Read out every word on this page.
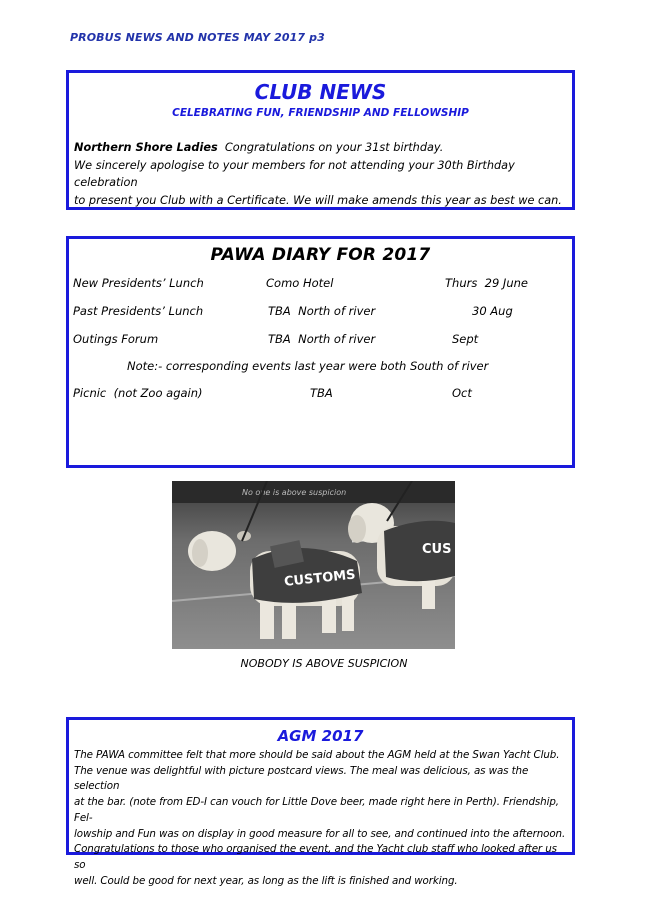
PROBUS NEWS AND NOTES MAY 2017 p3
CLUB NEWS
CELEBRATING FUN, FRIENDSHIP AND FELLOWSHIP
Northern Shore Ladies  Congratulations on your 31st birthday.
We sincerely apologise to your members for not attending your 30th Birthday celebration
to present you Club with a Certificate. We will make amends this year as best we can.
PAWA DIARY FOR 2017
New Presidents’ Lunch	Como Hotel	Thurs  29 June
Past Presidents’ Lunch	TBA  North of river	30 Aug
Outings Forum	TBA  North of river	Sept
Note:- corresponding events last year were both South of river
Picnic  (not Zoo again)	TBA	Oct
No one is above suspicion
CUSTOMS
CUS
NOBODY IS ABOVE SUSPICION
AGM 2017
The PAWA committee felt that more should be said about the AGM held at the Swan Yacht Club.
The venue was delightful with picture postcard views. The meal was delicious, as was the selection
at the bar. (note from ED-I can vouch for Little Dove beer, made right here in Perth). Friendship, Fel-
lowship and Fun was on display in good measure for all to see, and continued into the afternoon.
Congratulations to those who organised the event, and the Yacht club staff who looked after us so
well. Could be good for next year, as long as the lift is finished and working.
